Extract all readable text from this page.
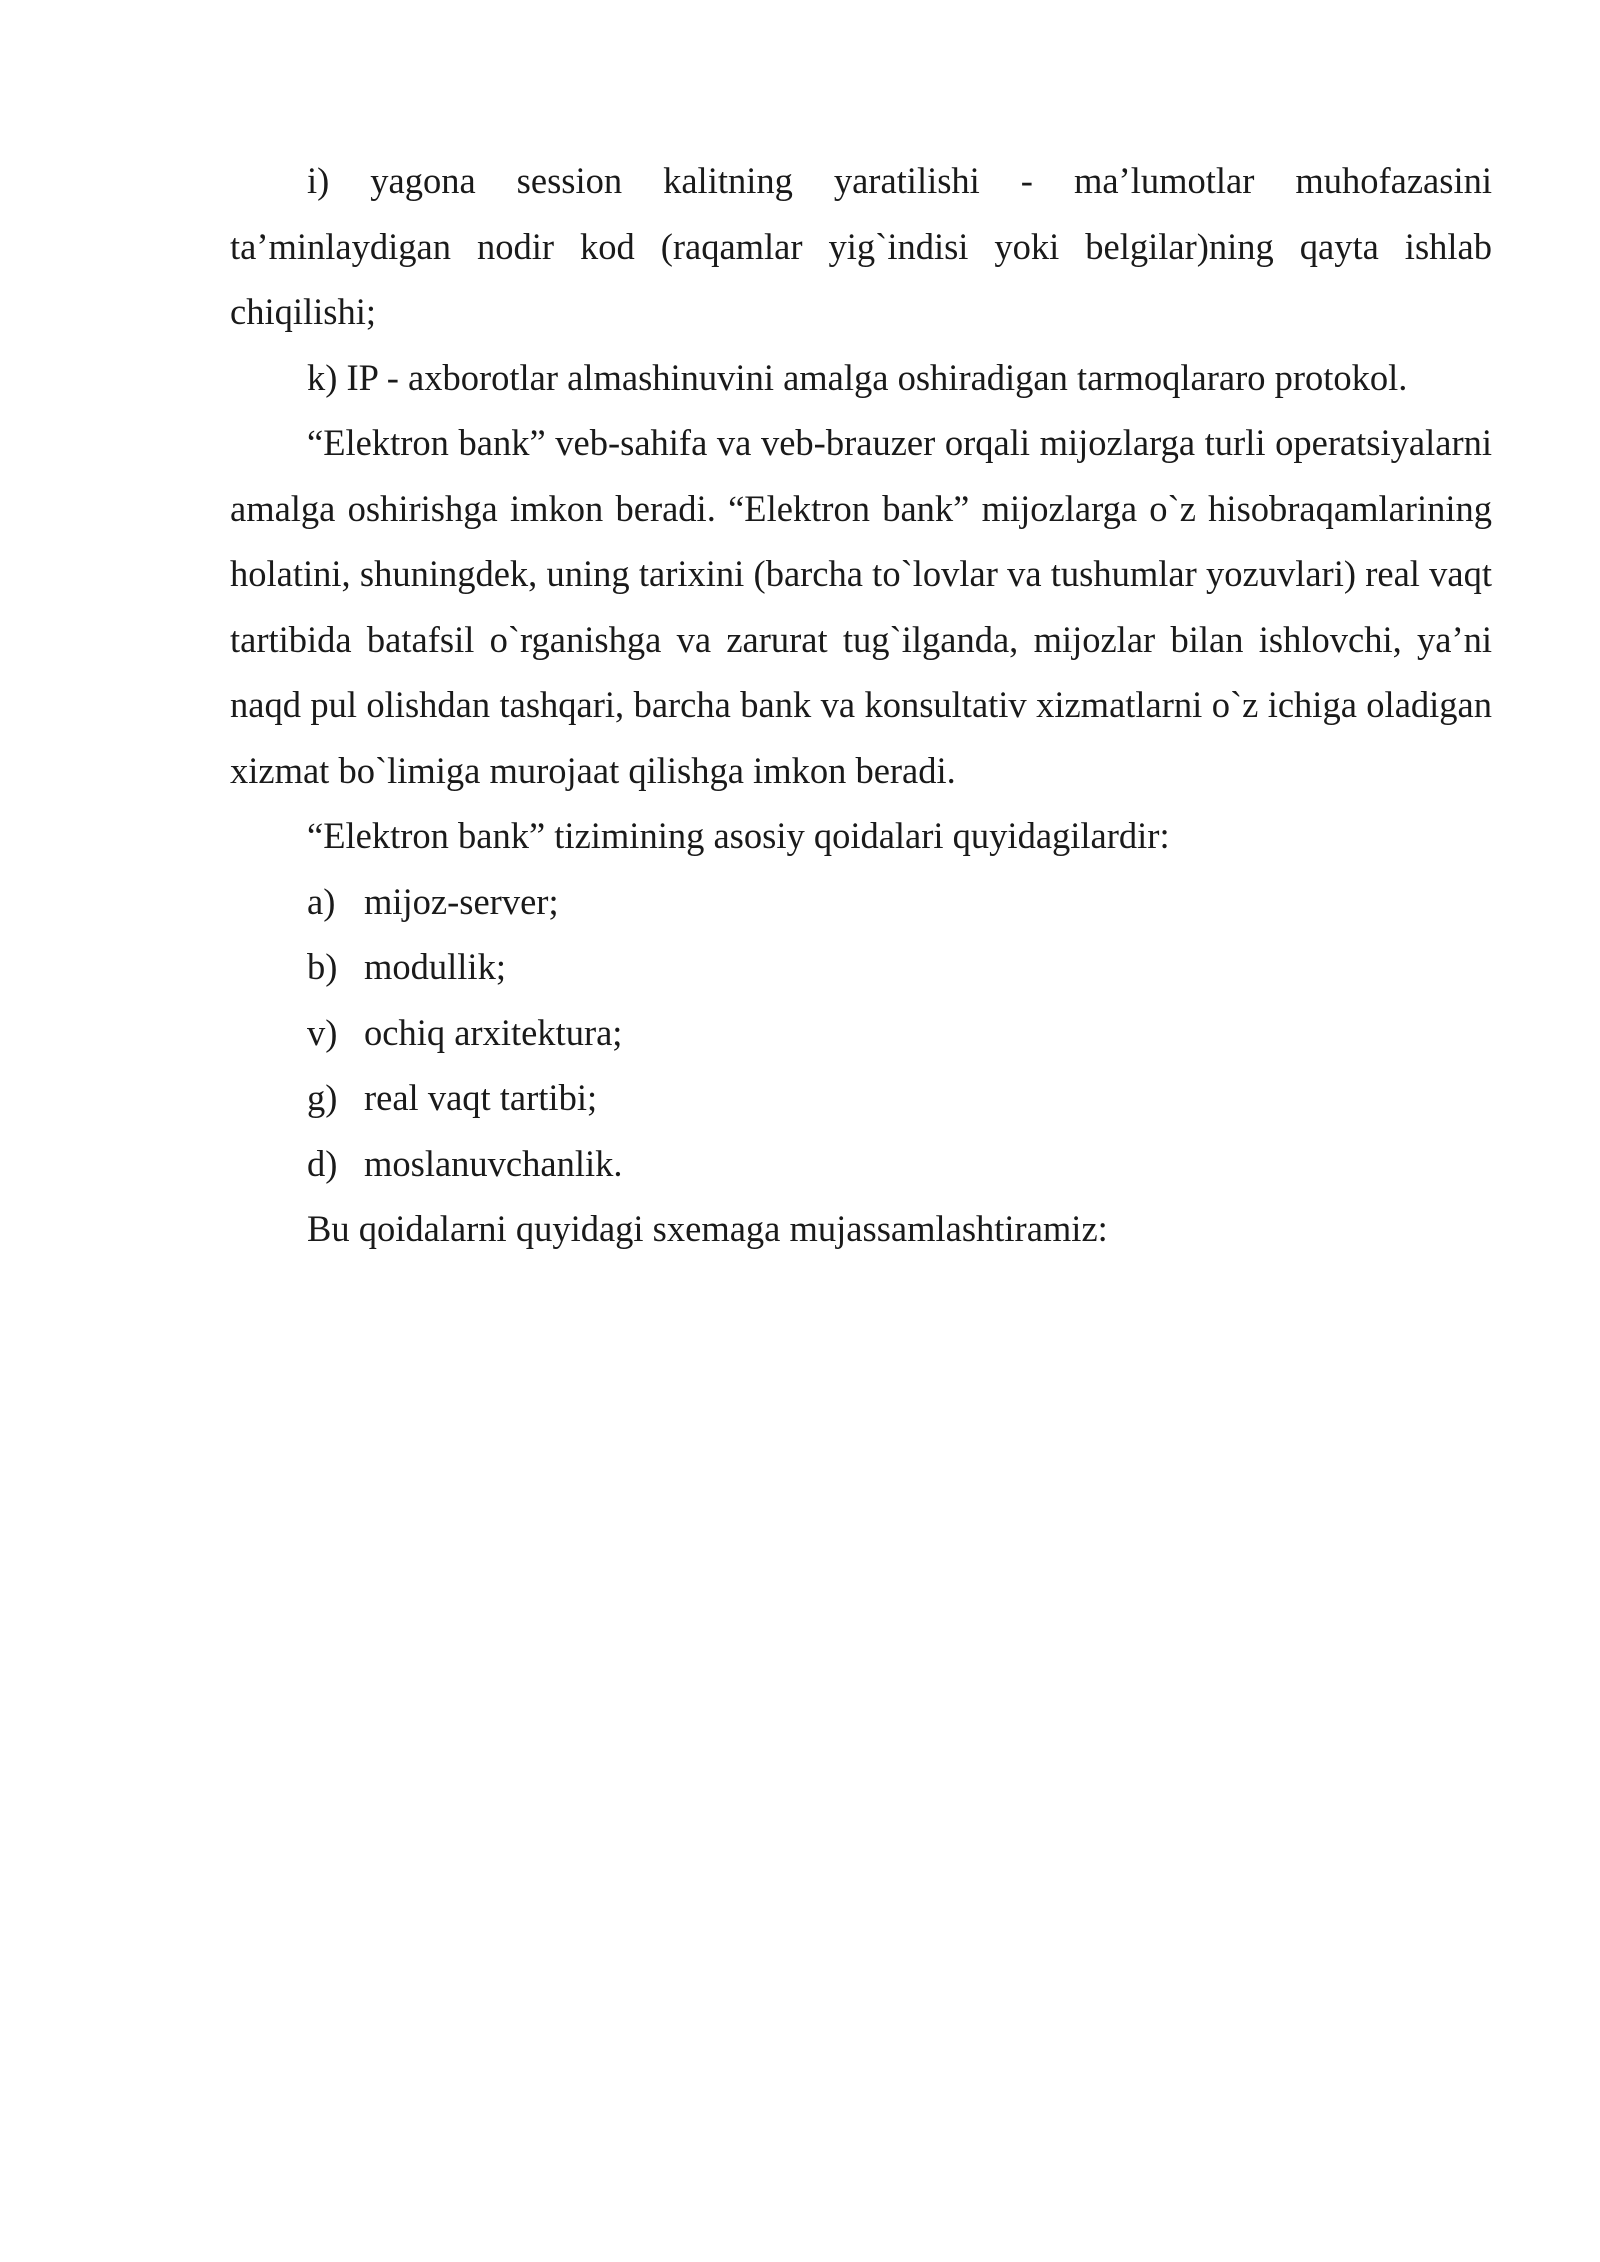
i) yagona session kalitning yaratilishi - ma’lumotlar muhofazasini ta’minlaydigan nodir kod (raqamlar yig`indisi yoki belgilar)ning qayta ishlab chiqilishi;

k) IP - axborotlar almashinuvini amalga oshiradigan tarmoqlararo protokol.

“Elektron bank” veb-sahifa va veb-brauzer orqali mijozlarga turli operatsiyalarni amalga oshirishga imkon beradi. “Elektron bank” mijozlarga o`z hisobraqamlarining holatini, shuningdek, uning tarixini (barcha to`lovlar va tushumlar yozuvlari) real vaqt tartibida batafsil o`rganishga va zarurat tug`ilganda, mijozlar bilan ishlovchi, ya’ni naqd pul olishdan tashqari, barcha bank va konsultativ xizmatlarni o`z ichiga oladigan xizmat bo`limiga murojaat qilishga imkon beradi.

“Elektron bank” tizimining asosiy qoidalari quyidagilardir:

a) mijoz-server;
b) modullik;
v) ochiq arxitektura;
g) real vaqt tartibi;
d) moslanuvchanlik.

Bu qoidalarni quyidagi sxemaga mujassamlashtiramiz:
